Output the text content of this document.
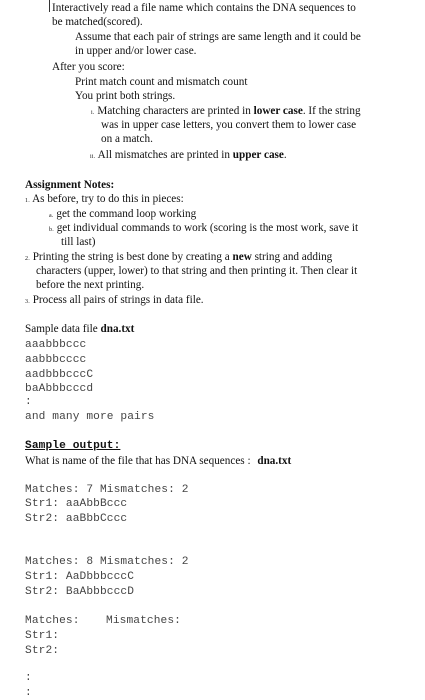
Interactively read a file name which contains the DNA sequences to
be matched(scored).
Assume that each pair of strings are same length and it could be
in upper and/or lower case.
After you score:
Print match count and mismatch count
You print both strings.
i. Matching characters are printed in lower case. If the string
was in upper case letters, you convert them to lower case
on a match.
ii. All mismatches are printed in upper case.
Assignment Notes:
1. As before, try to do this in pieces:
a. get the command loop working
b. get individual commands to work (scoring is the most work, save it
till last)
2. Printing the string is best done by creating a new string and adding
characters (upper, lower) to that string and then printing it. Then clear it
before the next printing.
3. Process all pairs of strings in data file.
Sample data file dna.txt
aaabbbccc
aabbbcccc
aadbbbcccC
baAbbbcccd
:
and many more pairs
Sample output:
What is name of the file that has DNA sequences : dna.txt
Matches: 7 Mismatches: 2
Str1: aaAbbBccc
Str2: aaBbbCccc
Matches: 8 Mismatches: 2
Str1: AaDbbbcccC
Str2: BaAbbbcccD
Matches: Mismatches:
Str1:
Str2:
:
:
